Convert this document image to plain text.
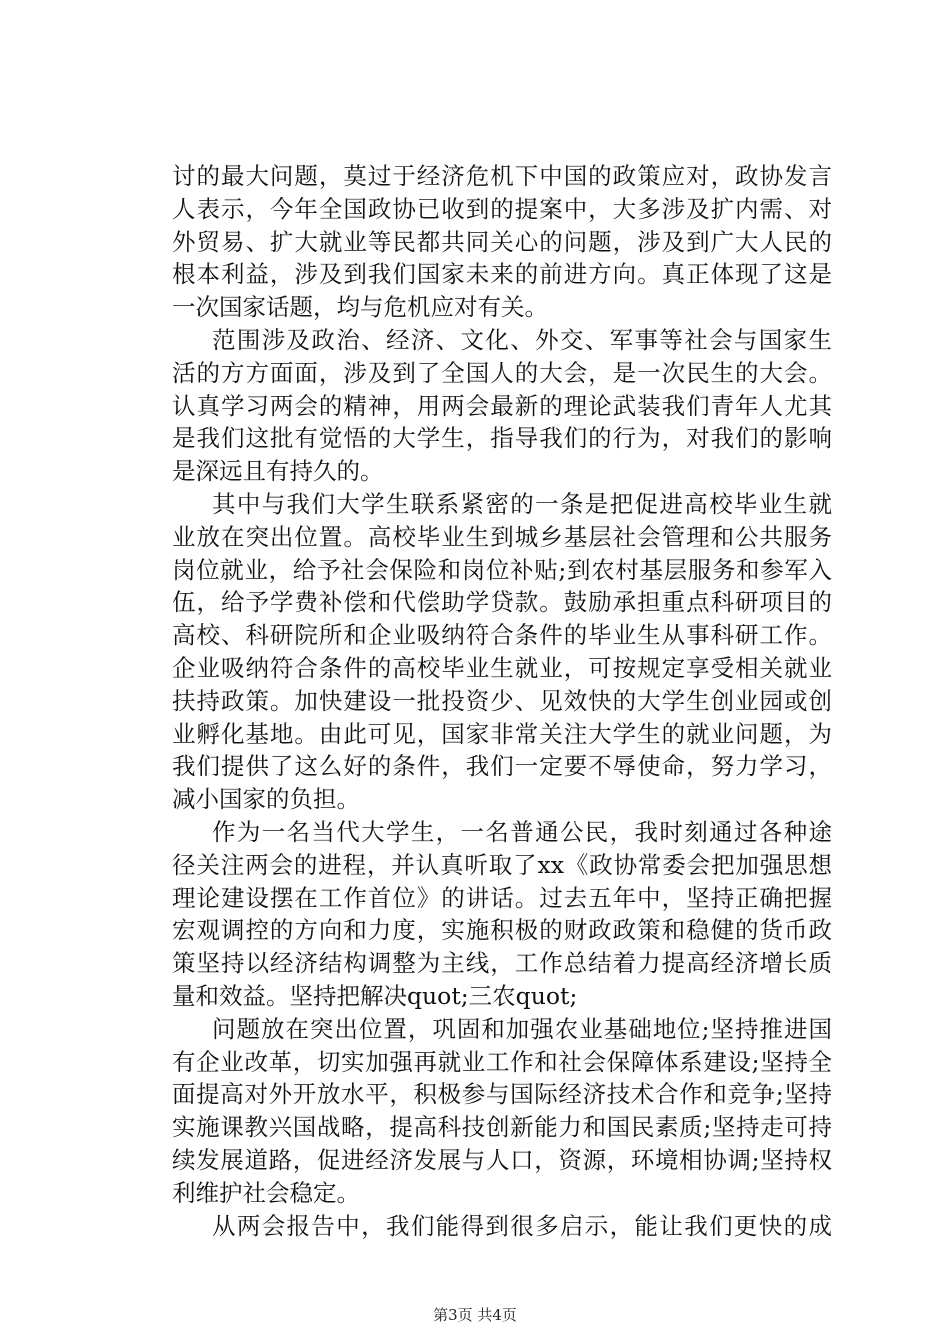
讨的最大问题，莫过于经济危机下中国的政策应对，政协发言
人表示，今年全国政协已收到的提案中，大多涉及扩内需、对
外贸易、扩大就业等民都共同关心的问题，涉及到广大人民的
根本利益，涉及到我们国家未来的前进方向。真正体现了这是
一次国家话题，均与危机应对有关。
范围涉及政治、经济、文化、外交、军事等社会与国家生
活的方方面面，涉及到了全国人的大会，是一次民生的大会。
认真学习两会的精神，用两会最新的理论武装我们青年人尤其
是我们这批有觉悟的大学生，指导我们的行为，对我们的影响
是深远且有持久的。
其中与我们大学生联系紧密的一条是把促进高校毕业生就
业放在突出位置。高校毕业生到城乡基层社会管理和公共服务
岗位就业，给予社会保险和岗位补贴;到农村基层服务和参军入
伍，给予学费补偿和代偿助学贷款。鼓励承担重点科研项目的
高校、科研院所和企业吸纳符合条件的毕业生从事科研工作。
企业吸纳符合条件的高校毕业生就业，可按规定享受相关就业
扶持政策。加快建设一批投资少、见效快的大学生创业园或创
业孵化基地。由此可见，国家非常关注大学生的就业问题，为
我们提供了这么好的条件，我们一定要不辱使命，努力学习，
减小国家的负担。
作为一名当代大学生，一名普通公民，我时刻通过各种途
径关注两会的进程，并认真听取了xx《政协常委会把加强思想
理论建设摆在工作首位》的讲话。过去五年中，坚持正确把握
宏观调控的方向和力度，实施积极的财政政策和稳健的货币政
策坚持以经济结构调整为主线，工作总结着力提高经济增长质
量和效益。坚持把解决quot;三农quot;
问题放在突出位置，巩固和加强农业基础地位;坚持推进国
有企业改革，切实加强再就业工作和社会保障体系建设;坚持全
面提高对外开放水平，积极参与国际经济技术合作和竞争;坚持
实施课教兴国战略，提高科技创新能力和国民素质;坚持走可持
续发展道路，促进经济发展与人口，资源，环境相协调;坚持权
利维护社会稳定。
从两会报告中，我们能得到很多启示，能让我们更快的成
第3页 共4页
